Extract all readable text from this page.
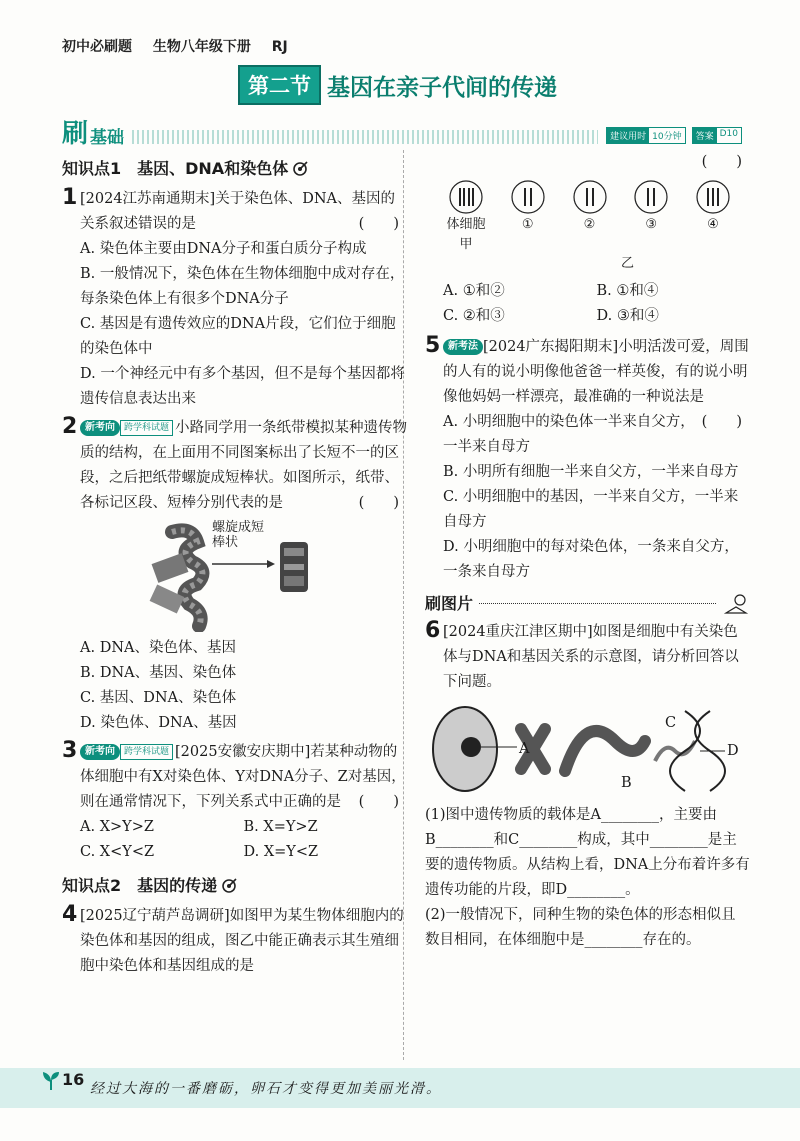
初中必刷题 生物八年级下册 RJ
第二节 基因在亲子代间的传递
刷 基础	建议用时 10分钟	答案 D10
知识点1　基因、DNA和染色体
1 [2024江苏南通期末]关于染色体、DNA、基因的关系叙述错误的是	(　　)
A. 染色体主要由DNA分子和蛋白质分子构成
B. 一般情况下，染色体在生物体细胞中成对存在，每条染色体上有很多个DNA分子
C. 基因是有遗传效应的DNA片段，它们位于细胞的染色体中
D. 一个神经元中有多个基因，但不是每个基因都将遗传信息表达出来
2 新考向 跨学科试题 小路同学用一条纸带模拟某种遗传物质的结构，在上面用不同图案标出了长短不一的区段，之后把纸带螺旋成短棒状。如图所示，纸带、各标记区段、短棒分别代表的是	(　　)
螺旋成短棒状
A. DNA、染色体、基因
B. DNA、基因、染色体
C. 基因、DNA、染色体
D. 染色体、DNA、基因
3 新考向 跨学科试题 [2025安徽安庆期中]若某种动物的体细胞中有X对染色体、Y对DNA分子、Z对基因，则在通常情况下，下列关系式中正确的是 (　　)
A. X>Y>Z	B. X=Y>Z
C. X<Y<Z	D. X=Y<Z
知识点2　基因的传递
4 [2025辽宁葫芦岛调研]如图甲为某生物体细胞内的染色体和基因的组成，图乙中能正确表示其生殖细胞中染色体和基因组成的是
(　　)
体细胞
甲
①	②	③	④
乙
A. ①和②	B. ①和④
C. ②和③	D. ③和④
5 新考法 [2024广东揭阳期末]小明活泼可爱，周围的人有的说小明像他爸爸一样英俊，有的说小明像他妈妈一样漂亮，最准确的一种说法是
(　　)
A. 小明细胞中的染色体一半来自父方，一半来自母方
B. 小明所有细胞一半来自父方，一半来自母方
C. 小明细胞中的基因，一半来自父方，一半来自母方
D. 小明细胞中的每对染色体，一条来自父方，一条来自母方
刷图片
6 [2024重庆江津区期中]如图是细胞中有关染色体与DNA和基因关系的示意图，请分析回答以下问题。
A
B
C
D
(1)图中遗传物质的载体是A________，主要由B________和C________构成，其中________是主要的遗传物质。从结构上看，DNA上分布着许多有遗传功能的片段，即D________。
(2)一般情况下，同种生物的染色体的形态相似且数目相同，在体细胞中是________存在的。
16 经过大海的一番磨砺，卵石才变得更加美丽光滑。
